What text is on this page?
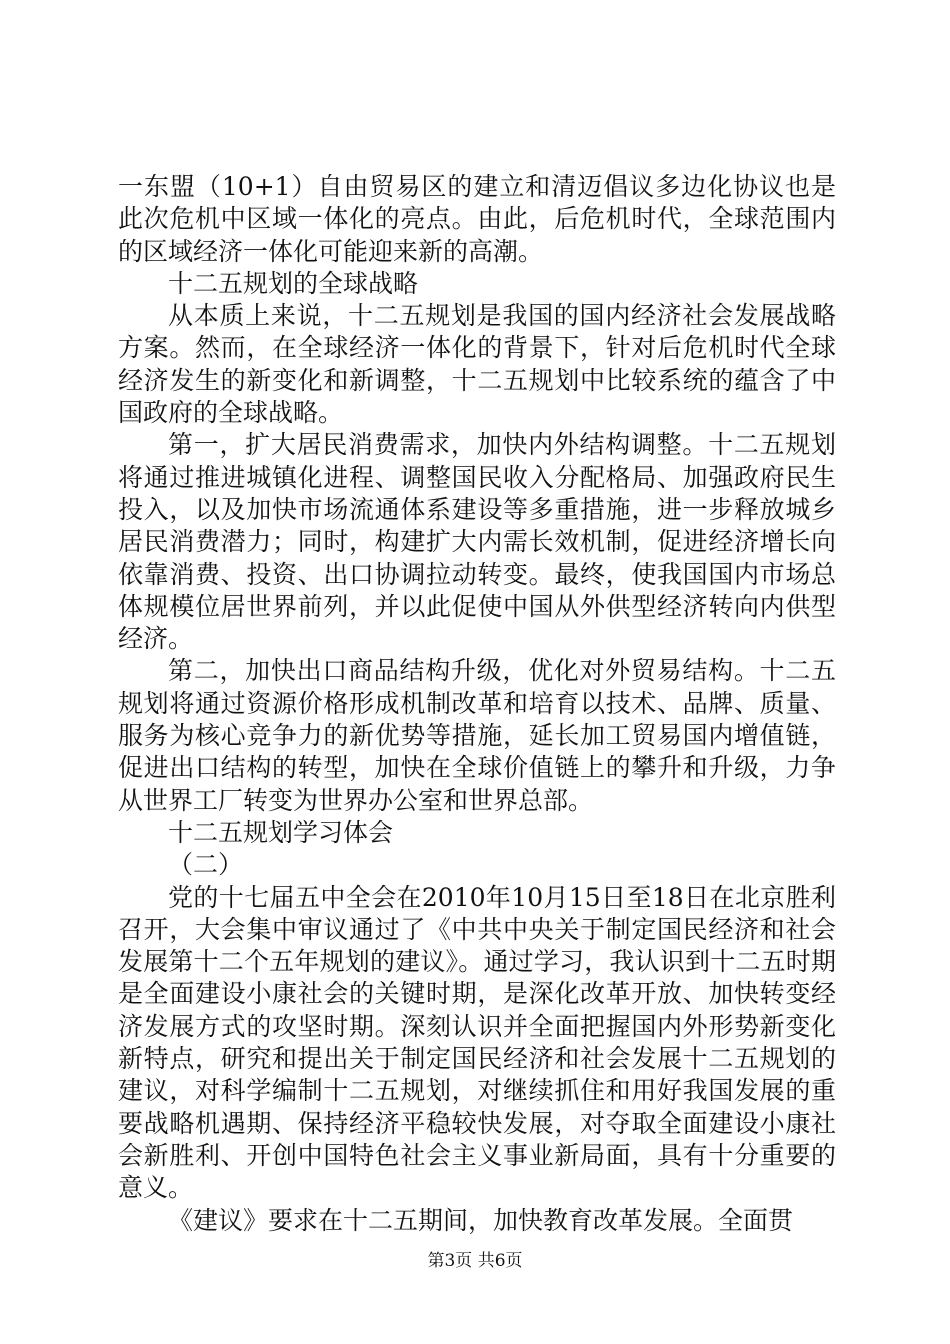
一东盟（10+1）自由贸易区的建立和清迈倡议多边化协议也是此次危机中区域一体化的亮点。由此，后危机时代，全球范围内的区域经济一体化可能迎来新的高潮。

十二五规划的全球战略

从本质上来说，十二五规划是我国的国内经济社会发展战略方案。然而，在全球经济一体化的背景下，针对后危机时代全球经济发生的新变化和新调整，十二五规划中比较系统的蕴含了中国政府的全球战略。

第一，扩大居民消费需求，加快内外结构调整。十二五规划将通过推进城镇化进程、调整国民收入分配格局、加强政府民生投入，以及加快市场流通体系建设等多重措施，进一步释放城乡居民消费潜力；同时，构建扩大内需长效机制，促进经济增长向依靠消费、投资、出口协调拉动转变。最终，使我国国内市场总体规模位居世界前列，并以此促使中国从外供型经济转向内供型经济。

第二，加快出口商品结构升级，优化对外贸易结构。十二五规划将通过资源价格形成机制改革和培育以技术、品牌、质量、服务为核心竞争力的新优势等措施，延长加工贸易国内增值链，促进出口结构的转型，加快在全球价值链上的攀升和升级，力争从世界工厂转变为世界办公室和世界总部。

十二五规划学习体会

（二）

党的十七届五中全会在2010年10月15日至18日在北京胜利召开，大会集中审议通过了《中共中央关于制定国民经济和社会发展第十二个五年规划的建议》。通过学习，我认识到十二五时期是全面建设小康社会的关键时期，是深化改革开放、加快转变经济发展方式的攻坚时期。深刻认识并全面把握国内外形势新变化新特点，研究和提出关于制定国民经济和社会发展十二五规划的建议，对科学编制十二五规划，对继续抓住和用好我国发展的重要战略机遇期、保持经济平稳较快发展，对夺取全面建设小康社会新胜利、开创中国特色社会主义事业新局面，具有十分重要的意义。

《建议》要求在十二五期间，加快教育改革发展。全面贯

第3页 共6页
